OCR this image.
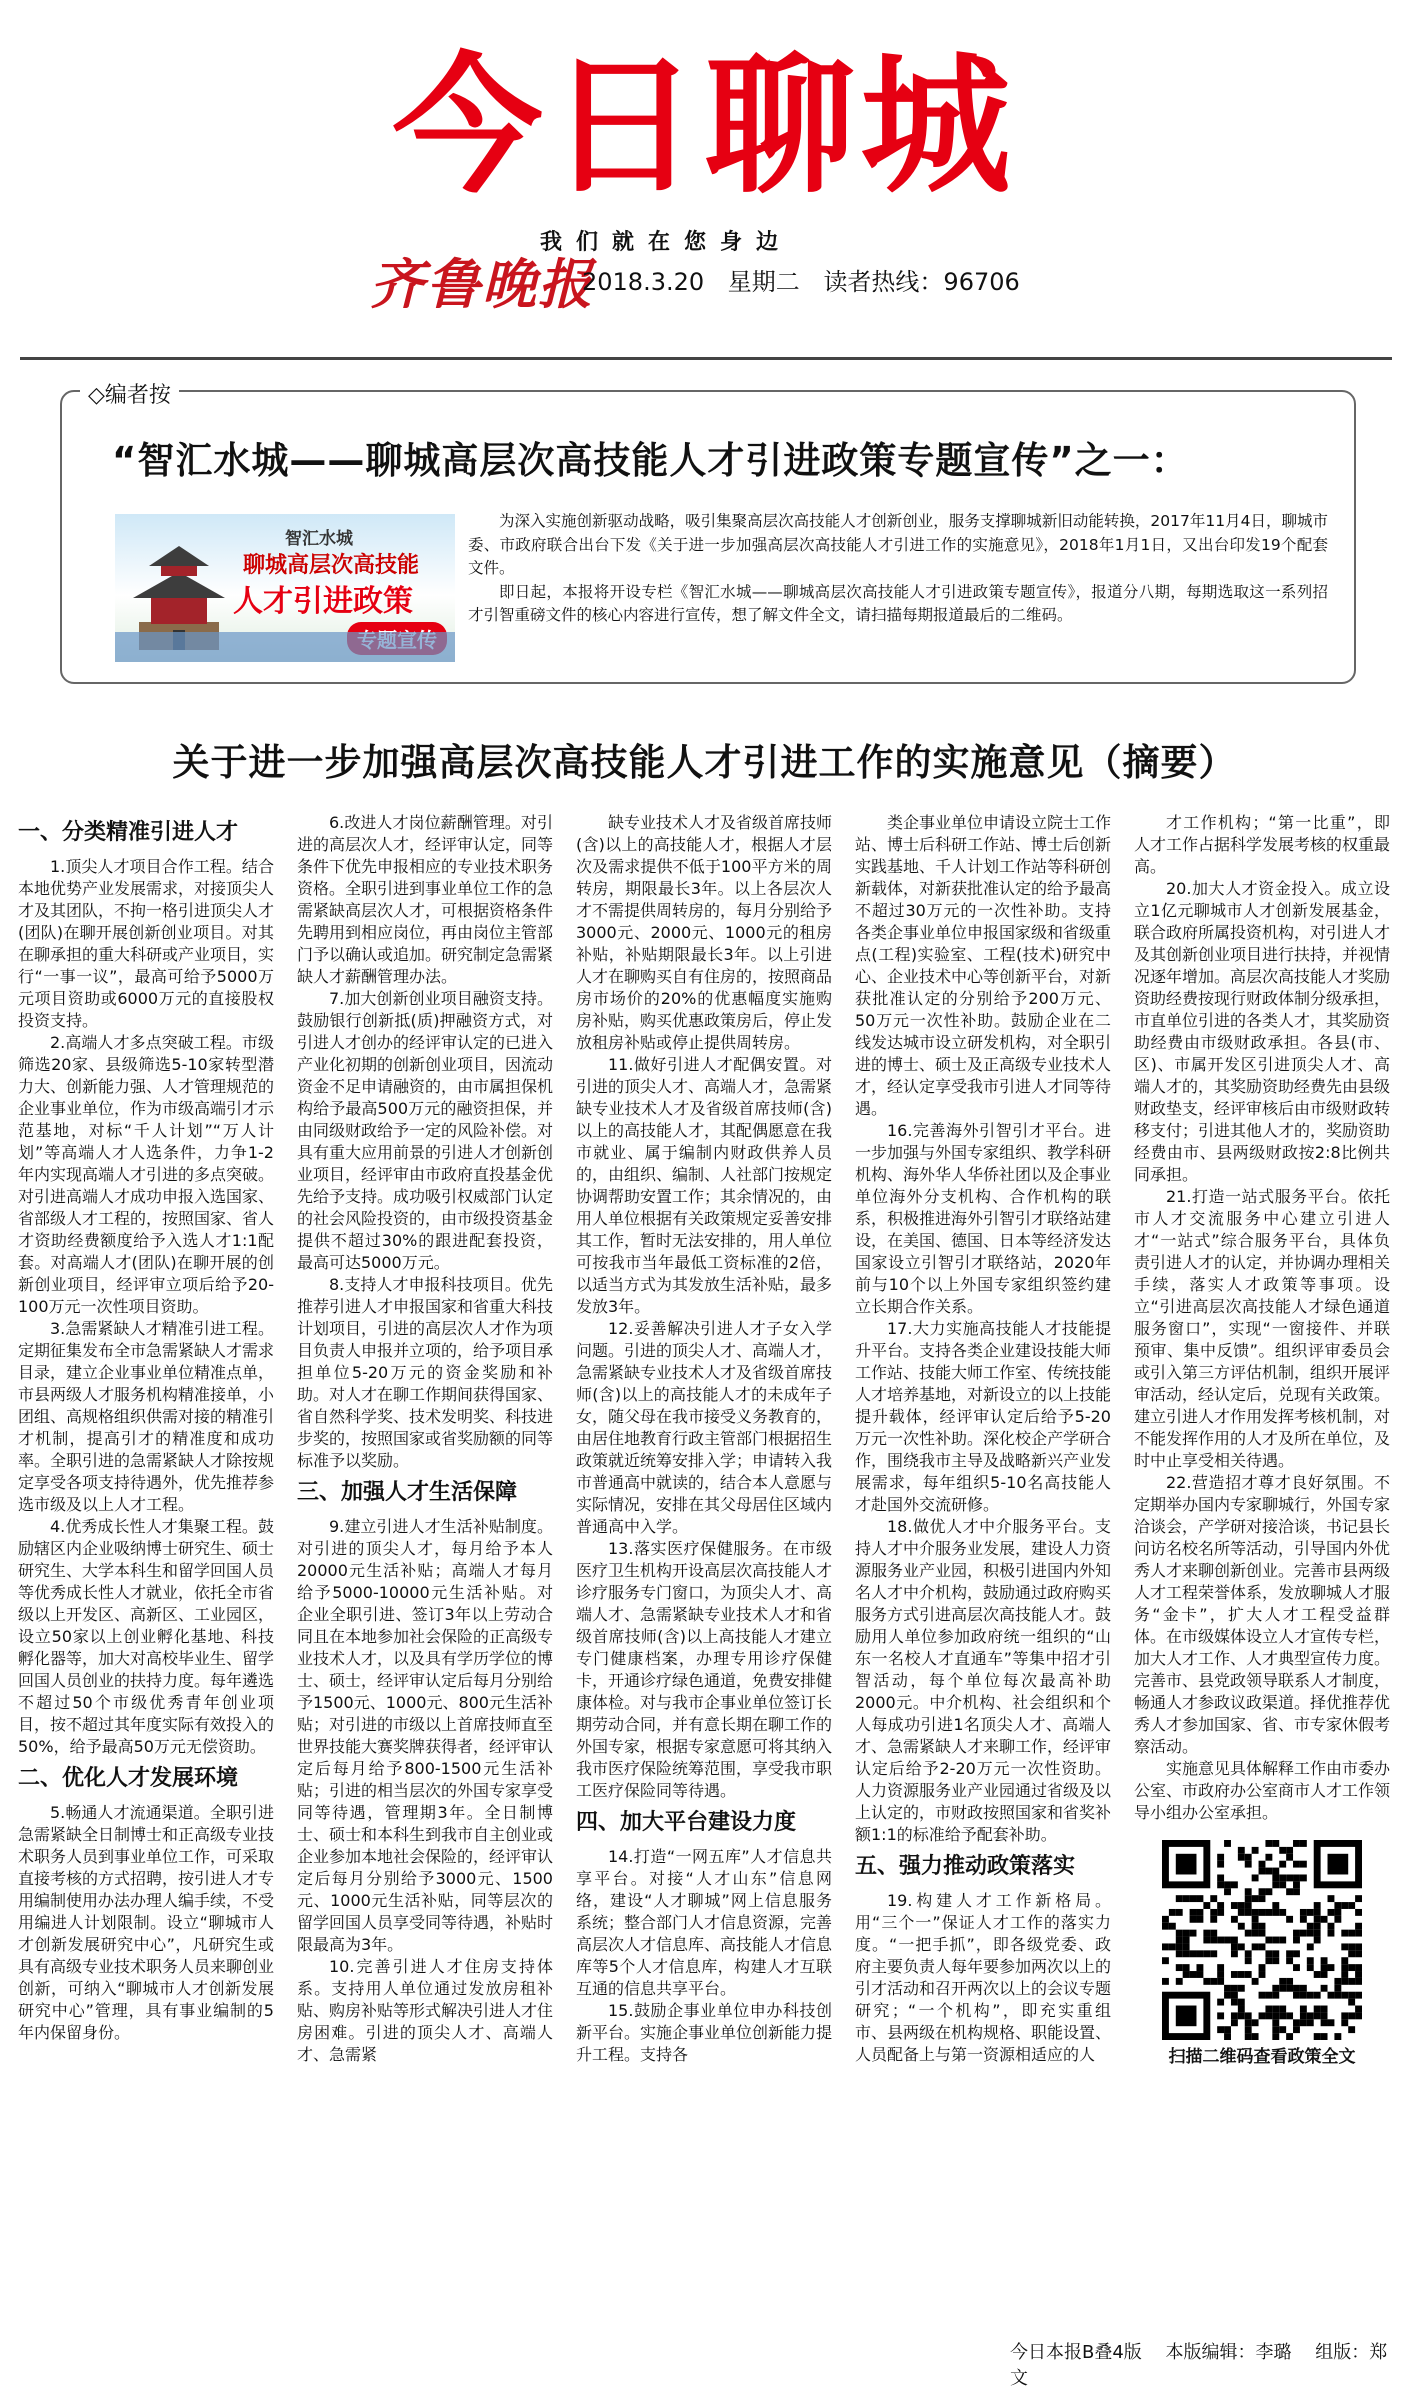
今日聊城
我们就在您身边
齐鲁晚报
2018.3.20 星期二 读者热线：96706
◇编者按
“智汇水城——聊城高层次高技能人才引进政策专题宣传”之一：
智汇水城
聊城高层次高技能
人才引进政策

为深入实施创新驱动战略，吸引集聚高层次高技能人才创新创业，服务支撑聊城新旧动能转换，2017年11月4日，聊城市委、市政府联合出台下发《关于进一步加强高层次高技能人才引进工作的实施意见》，2018年1月1日，又出台印发19个配套文件。

即日起，本报将开设专栏《智汇水城——聊城高层次高技能人才引进政策专题宣传》，报道分八期，每期选取这一系列招才引智重磅文件的核心内容进行宣传，想了解文件全文，请扫描每期报道最后的二维码。

关于进一步加强高层次高技能人才引进工作的实施意见（摘要）
一、分类精准引进人才

1.顶尖人才项目合作工程。结合本地优势产业发展需求，对接顶尖人才及其团队，不拘一格引进顶尖人才(团队)在聊开展创新创业项目。对其在聊承担的重大科研或产业项目，实行“一事一议”，最高可给予5000万元项目资助或6000万元的直接股权投资支持。

2.高端人才多点突破工程。市级筛选20家、县级筛选5-10家转型潜力大、创新能力强、人才管理规范的企业事业单位，作为市级高端引才示范基地，对标“千人计划”“万人计划”等高端人才人选条件，力争1-2年内实现高端人才引进的多点突破。对引进高端人才成功申报入选国家、省部级人才工程的，按照国家、省人才资助经费额度给予入选人才1:1配套。对高端人才(团队)在聊开展的创新创业项目，经评审立项后给予20-100万元一次性项目资助。

3.急需紧缺人才精准引进工程。定期征集发布全市急需紧缺人才需求目录，建立企业事业单位精准点单，市县两级人才服务机构精准接单，小团组、高规格组织供需对接的精准引才机制，提高引才的精准度和成功率。全职引进的急需紧缺人才除按规定享受各项支持待遇外，优先推荐参选市级及以上人才工程。

4.优秀成长性人才集聚工程。鼓励辖区内企业吸纳博士研究生、硕士研究生、大学本科生和留学回国人员等优秀成长性人才就业，依托全市省级以上开发区、高新区、工业园区，设立50家以上创业孵化基地、科技孵化器等，加大对高校毕业生、留学回国人员创业的扶持力度。每年遴选不超过50个市级优秀青年创业项目，按不超过其年度实际有效投入的50%，给予最高50万元无偿资助。

二、优化人才发展环境

5.畅通人才流通渠道。全职引进急需紧缺全日制博士和正高级专业技术职务人员到事业单位工作，可采取直接考核的方式招聘，按引进人才专用编制使用办法办理人编手续，不受用编进人计划限制。设立“聊城市人才创新发展研究中心”，凡研究生或具有高级专业技术职务人员来聊创业创新，可纳入“聊城市人才创新发展研究中心”管理，具有事业编制的5年内保留身份。

6.改进人才岗位薪酬管理。对引进的高层次人才，经评审认定，同等条件下优先申报相应的专业技术职务资格。全职引进到事业单位工作的急需紧缺高层次人才，可根据资格条件先聘用到相应岗位，再由岗位主管部门予以确认或追加。研究制定急需紧缺人才薪酬管理办法。

7.加大创新创业项目融资支持。鼓励银行创新抵(质)押融资方式，对引进人才创办的经评审认定的已进入产业化初期的创新创业项目，因流动资金不足申请融资的，由市属担保机构给予最高500万元的融资担保，并由同级财政给予一定的风险补偿。对具有重大应用前景的引进人才创新创业项目，经评审由市政府直投基金优先给予支持。成功吸引权威部门认定的社会风险投资的，由市级投资基金提供不超过30%的跟进配套投资，最高可达5000万元。

8.支持人才申报科技项目。优先推荐引进人才申报国家和省重大科技计划项目，引进的高层次人才作为项目负责人申报并立项的，给予项目承担单位5-20万元的资金奖励和补助。对人才在聊工作期间获得国家、省自然科学奖、技术发明奖、科技进步奖的，按照国家或省奖励额的同等标准予以奖励。

三、加强人才生活保障

9.建立引进人才生活补贴制度。对引进的顶尖人才，每月给予本人20000元生活补贴；高端人才每月给予5000-10000元生活补贴。对企业全职引进、签订3年以上劳动合同且在本地参加社会保险的正高级专业技术人才，以及具有学历学位的博士、硕士，经评审认定后每月分别给予1500元、1000元、800元生活补贴；对引进的市级以上首席技师直至世界技能大赛奖牌获得者，经评审认定后每月给予800-1500元生活补贴；引进的相当层次的外国专家享受同等待遇，管理期3年。全日制博士、硕士和本科生到我市自主创业或企业参加本地社会保险的，经评审认定后每月分别给予3000元、1500元、1000元生活补贴，同等层次的留学回国人员享受同等待遇，补贴时限最高为3年。

10.完善引进人才住房支持体系。支持用人单位通过发放房租补贴、购房补贴等形式解决引进人才住房困难。引进的顶尖人才、高端人才、急需紧

缺专业技术人才及省级首席技师(含)以上的高技能人才，根据人才层次及需求提供不低于100平方米的周转房，期限最长3年。以上各层次人才不需提供周转房的，每月分别给予3000元、2000元、1000元的租房补贴，补贴期限最长3年。以上引进人才在聊购买自有住房的，按照商品房市场价的20%的优惠幅度实施购房补贴，购买优惠政策房后，停止发放租房补贴或停止提供周转房。

11.做好引进人才配偶安置。对引进的顶尖人才、高端人才，急需紧缺专业技术人才及省级首席技师(含)以上的高技能人才，其配偶愿意在我市就业、属于编制内财政供养人员的，由组织、编制、人社部门按规定协调帮助安置工作；其余情况的，由用人单位根据有关政策规定妥善安排其工作，暂时无法安排的，用人单位可按我市当年最低工资标准的2倍，以适当方式为其发放生活补贴，最多发放3年。

12.妥善解决引进人才子女入学问题。引进的顶尖人才、高端人才，急需紧缺专业技术人才及省级首席技师(含)以上的高技能人才的未成年子女，随父母在我市接受义务教育的，由居住地教育行政主管部门根据招生政策就近统筹安排入学；申请转入我市普通高中就读的，结合本人意愿与实际情况，安排在其父母居住区域内普通高中入学。

13.落实医疗保健服务。在市级医疗卫生机构开设高层次高技能人才诊疗服务专门窗口，为顶尖人才、高端人才、急需紧缺专业技术人才和省级首席技师(含)以上高技能人才建立专门健康档案，办理专用诊疗保健卡，开通诊疗绿色通道，免费安排健康体检。对与我市企事业单位签订长期劳动合同，并有意长期在聊工作的外国专家，根据专家意愿可将其纳入我市医疗保险统筹范围，享受我市职工医疗保险同等待遇。

四、加大平台建设力度

14.打造“一网五库”人才信息共享平台。对接“人才山东”信息网络，建设“人才聊城”网上信息服务系统；整合部门人才信息资源，完善高层次人才信息库、高技能人才信息库等5个人才信息库，构建人才互联互通的信息共享平台。

15.鼓励企事业单位申办科技创新平台。实施企事业单位创新能力提升工程。支持各

类企事业单位申请设立院士工作站、博士后科研工作站、博士后创新实践基地、千人计划工作站等科研创新载体，对新获批准认定的给予最高不超过30万元的一次性补助。支持各类企事业单位申报国家级和省级重点(工程)实验室、工程(技术)研究中心、企业技术中心等创新平台，对新获批准认定的分别给予200万元、50万元一次性补助。鼓励企业在二线发达城市设立研发机构，对全职引进的博士、硕士及正高级专业技术人才，经认定享受我市引进人才同等待遇。

16.完善海外引智引才平台。进一步加强与外国专家组织、教学科研机构、海外华人华侨社团以及企事业单位海外分支机构、合作机构的联系，积极推进海外引智引才联络站建设，在美国、德国、日本等经济发达国家设立引智引才联络站，2020年前与10个以上外国专家组织签约建立长期合作关系。

17.大力实施高技能人才技能提升平台。支持各类企业建设技能大师工作站、技能大师工作室、传统技能人才培养基地，对新设立的以上技能提升载体，经评审认定后给予5-20万元一次性补助。深化校企产学研合作，围绕我市主导及战略新兴产业发展需求，每年组织5-10名高技能人才赴国外交流研修。

18.做优人才中介服务平台。支持人才中介服务业发展，建设人力资源服务业产业园，积极引进国内外知名人才中介机构，鼓励通过政府购买服务方式引进高层次高技能人才。鼓励用人单位参加政府统一组织的“山东一名校人才直通车”等集中招才引智活动，每个单位每次最高补助2000元。中介机构、社会组织和个人每成功引进1名顶尖人才、高端人才、急需紧缺人才来聊工作，经评审认定后给予2-20万元一次性资助。人力资源服务业产业园通过省级及以上认定的，市财政按照国家和省奖补额1:1的标准给予配套补助。

五、强力推动政策落实

19.构建人才工作新格局。用“三个一”保证人才工作的落实力度。“一把手抓”，即各级党委、政府主要负责人每年要参加两次以上的引才活动和召开两次以上的会议专题研究；“一个机构”，即充实重组市、县两级在机构规格、职能设置、人员配备上与第一资源相适应的人

才工作机构；“第一比重”，即人才工作占据科学发展考核的权重最高。

20.加大人才资金投入。成立设立1亿元聊城市人才创新发展基金，联合政府所属投资机构，对引进人才及其创新创业项目进行扶持，并视情况逐年增加。高层次高技能人才奖励资助经费按现行财政体制分级承担，市直单位引进的各类人才，其奖励资助经费由市级财政承担。各县(市、区)、市属开发区引进顶尖人才、高端人才的，其奖励资助经费先由县级财政垫支，经评审核后由市级财政转移支付；引进其他人才的，奖励资助经费由市、县两级财政按2:8比例共同承担。

21.打造一站式服务平台。依托市人才交流服务中心建立引进人才“一站式”综合服务平台，具体负责引进人才的认定，并协调办理相关手续，落实人才政策等事项。设立“引进高层次高技能人才绿色通道服务窗口”，实现“一窗接件、并联预审、集中反馈”。组织评审委员会或引入第三方评估机制，组织开展评审活动，经认定后，兑现有关政策。建立引进人才作用发挥考核机制，对不能发挥作用的人才及所在单位，及时中止享受相关待遇。

22.营造招才尊才良好氛围。不定期举办国内专家聊城行，外国专家洽谈会，产学研对接洽谈，书记县长问访名校名所等活动，引导国内外优秀人才来聊创新创业。完善市县两级人才工程荣誉体系，发放聊城人才服务“金卡”，扩大人才工程受益群体。在市级媒体设立人才宣传专栏，加大人才工作、人才典型宣传力度。完善市、县党政领导联系人才制度，畅通人才参政议政渠道。择优推荐优秀人才参加国家、省、市专家休假考察活动。

实施意见具体解释工作由市委办公室、市政府办公室商市人才工作领导小组办公室承担。

扫描二维码查看政策全文
今日本报B叠4版 本版编辑：李璐 组版：郑文
